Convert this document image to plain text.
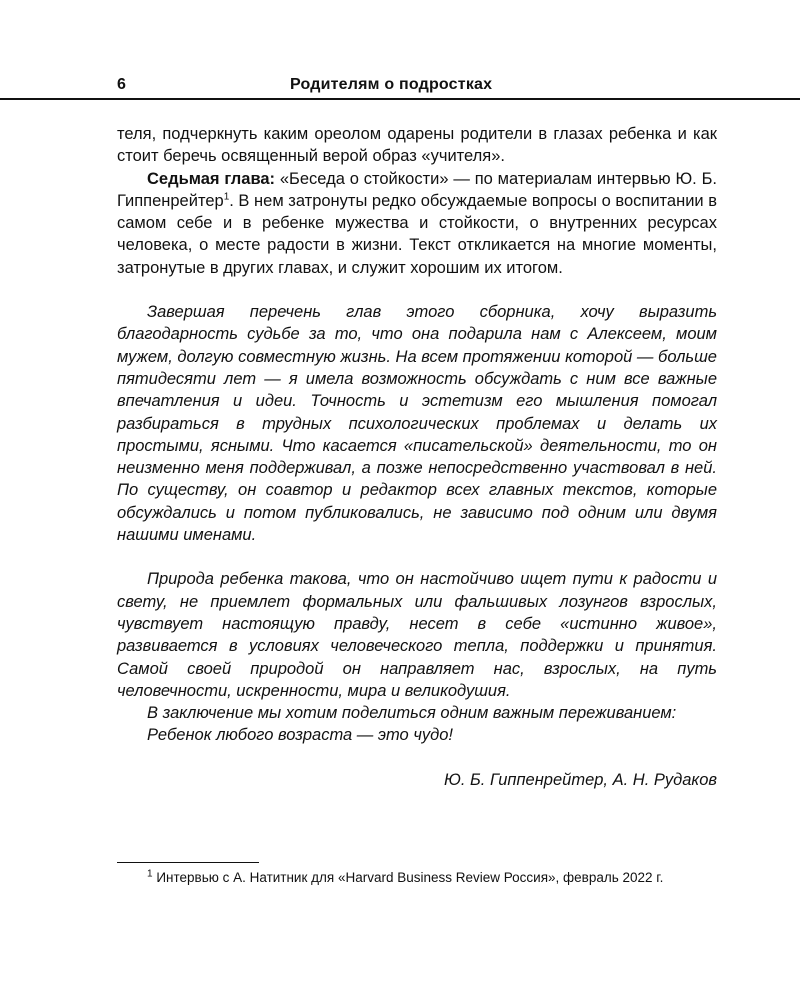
6	Родителям о подростках

теля, подчеркнуть каким ореолом одарены родители в глазах ребенка и как стоит беречь освященный верой образ «учителя».

Седьмая глава: «Беседа о стойкости» — по материалам интервью Ю. Б. Гиппенрейтер$^1$. В нем затронуты редко обсуждаемые вопросы о воспитании в самом себе и в ребенке мужества и стойкости, о внутренних ресурсах человека, о месте радости в жизни. Текст откликается на многие моменты, затронутые в других главах, и служит хорошим их итогом.

Завершая перечень глав этого сборника, хочу выразить благодарность судьбе за то, что она подарила нам с Алексеем, моим мужем, долгую совместную жизнь. На всем протяжении которой — больше пятидесяти лет — я имела возможность обсуждать с ним все важные впечатления и идеи. Точность и эстетизм его мышления помогал разбираться в трудных психологических проблемах и делать их простыми, ясными. Что касается «писательской» деятельности, то он неизменно меня поддерживал, а позже непосредственно участвовал в ней. По существу, он соавтор и редактор всех главных текстов, которые обсуждались и потом публиковались, не зависимо под одним или двумя нашими именами.

Природа ребенка такова, что он настойчиво ищет пути к радости и свету, не приемлет формальных или фальшивых лозунгов взрослых, чувствует настоящую правду, несет в себе «истинно живое», развивается в условиях человеческого тепла, поддержки и принятия. Самой своей природой он направляет нас, взрослых, на путь человечности, искренности, мира и великодушия.

В заключение мы хотим поделиться одним важным переживанием:

Ребенок любого возраста — это чудо!

Ю. Б. Гиппенрейтер, А. Н. Рудаков

$^1$ Интервью с А. Натитник для «Harvard Business Review Россия», февраль 2022 г.
